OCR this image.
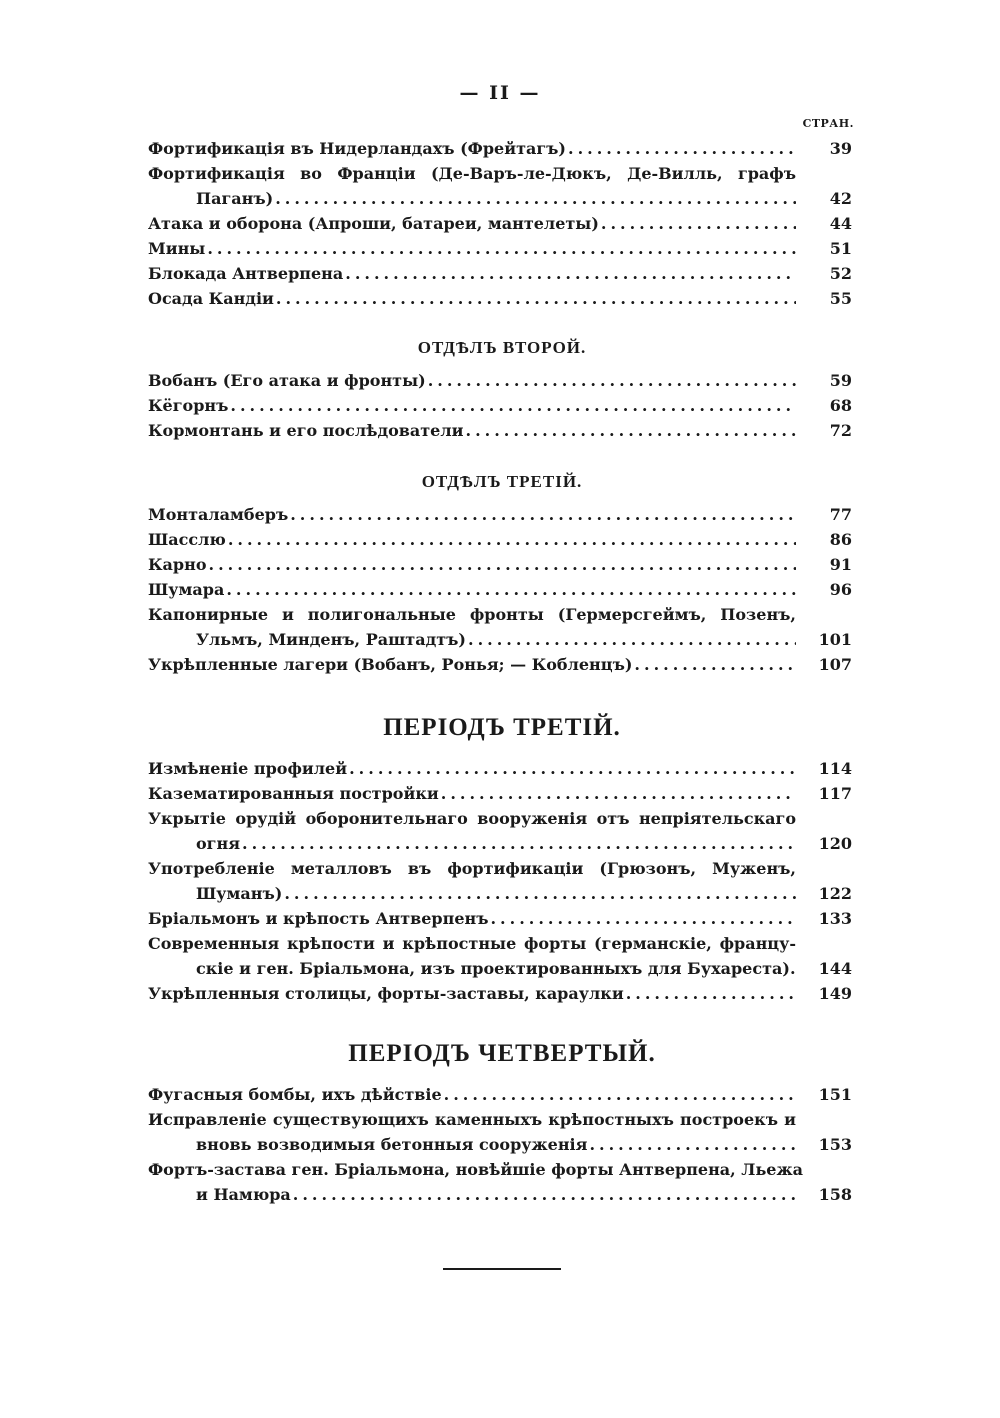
— II —
СТРАН.
Фортификація въ Нидерландахъ (Фрейтагъ) .....	39
Фортификація во Франціи (Де-Варъ-ле-Дюкъ, Де-Вилль, графъ
Паганъ) .....	42
Атака и оборона (Апроши, батареи, мантелеты) .....	44
Мины .....	51
Блокада Антверпена .....	52
Осада Кандіи .....	55
ОТДѢЛЪ ВТОРОЙ.
Вобанъ (Его атака и фронты) .....	59
Кёгорнъ .....	68
Кормонтань и его послѣдователи .....	72
ОТДѢЛЪ ТРЕТІЙ.
Монталамберъ .....	77
Шасслю .....	86
Карно .....	91
Шумара .....	96
Капонирные и полигональные фронты (Гермерсгеймъ, Позенъ,
Ульмъ, Минденъ, Раштадтъ) .....	101
Укрѣпленные лагери (Вобанъ, Ронья; — Кобленцъ) .....	107
ПЕРІОДЪ ТРЕТІЙ.
Измѣненіе профилей .....	114
Казематированныя постройки .....	117
Укрытіе орудій оборонительнаго вооруженія отъ непріятельскаго
огня .....	120
Употребленіе металловъ въ фортификаціи (Грюзонъ, Муженъ,
Шуманъ) .....	122
Бріальмонъ и крѣпость Антверпенъ .....	133
Современныя крѣпости и крѣпостные форты (германскіе, францу-
скіе и ген. Бріальмона, изъ проектированныхъ для Бухареста).	144
Укрѣпленныя столицы, форты-заставы, караулки .....	149
ПЕРІОДЪ ЧЕТВЕРТЫЙ.
Фугасныя бомбы, ихъ дѣйствіе .....	151
Исправленіе существующихъ каменныхъ крѣпостныхъ построекъ и
вновь возводимыя бетонныя сооруженія .....	153
Фортъ-застава ген. Бріальмона, новѣйшіе форты Антверпена, Льежа
и Намюра .....	158
